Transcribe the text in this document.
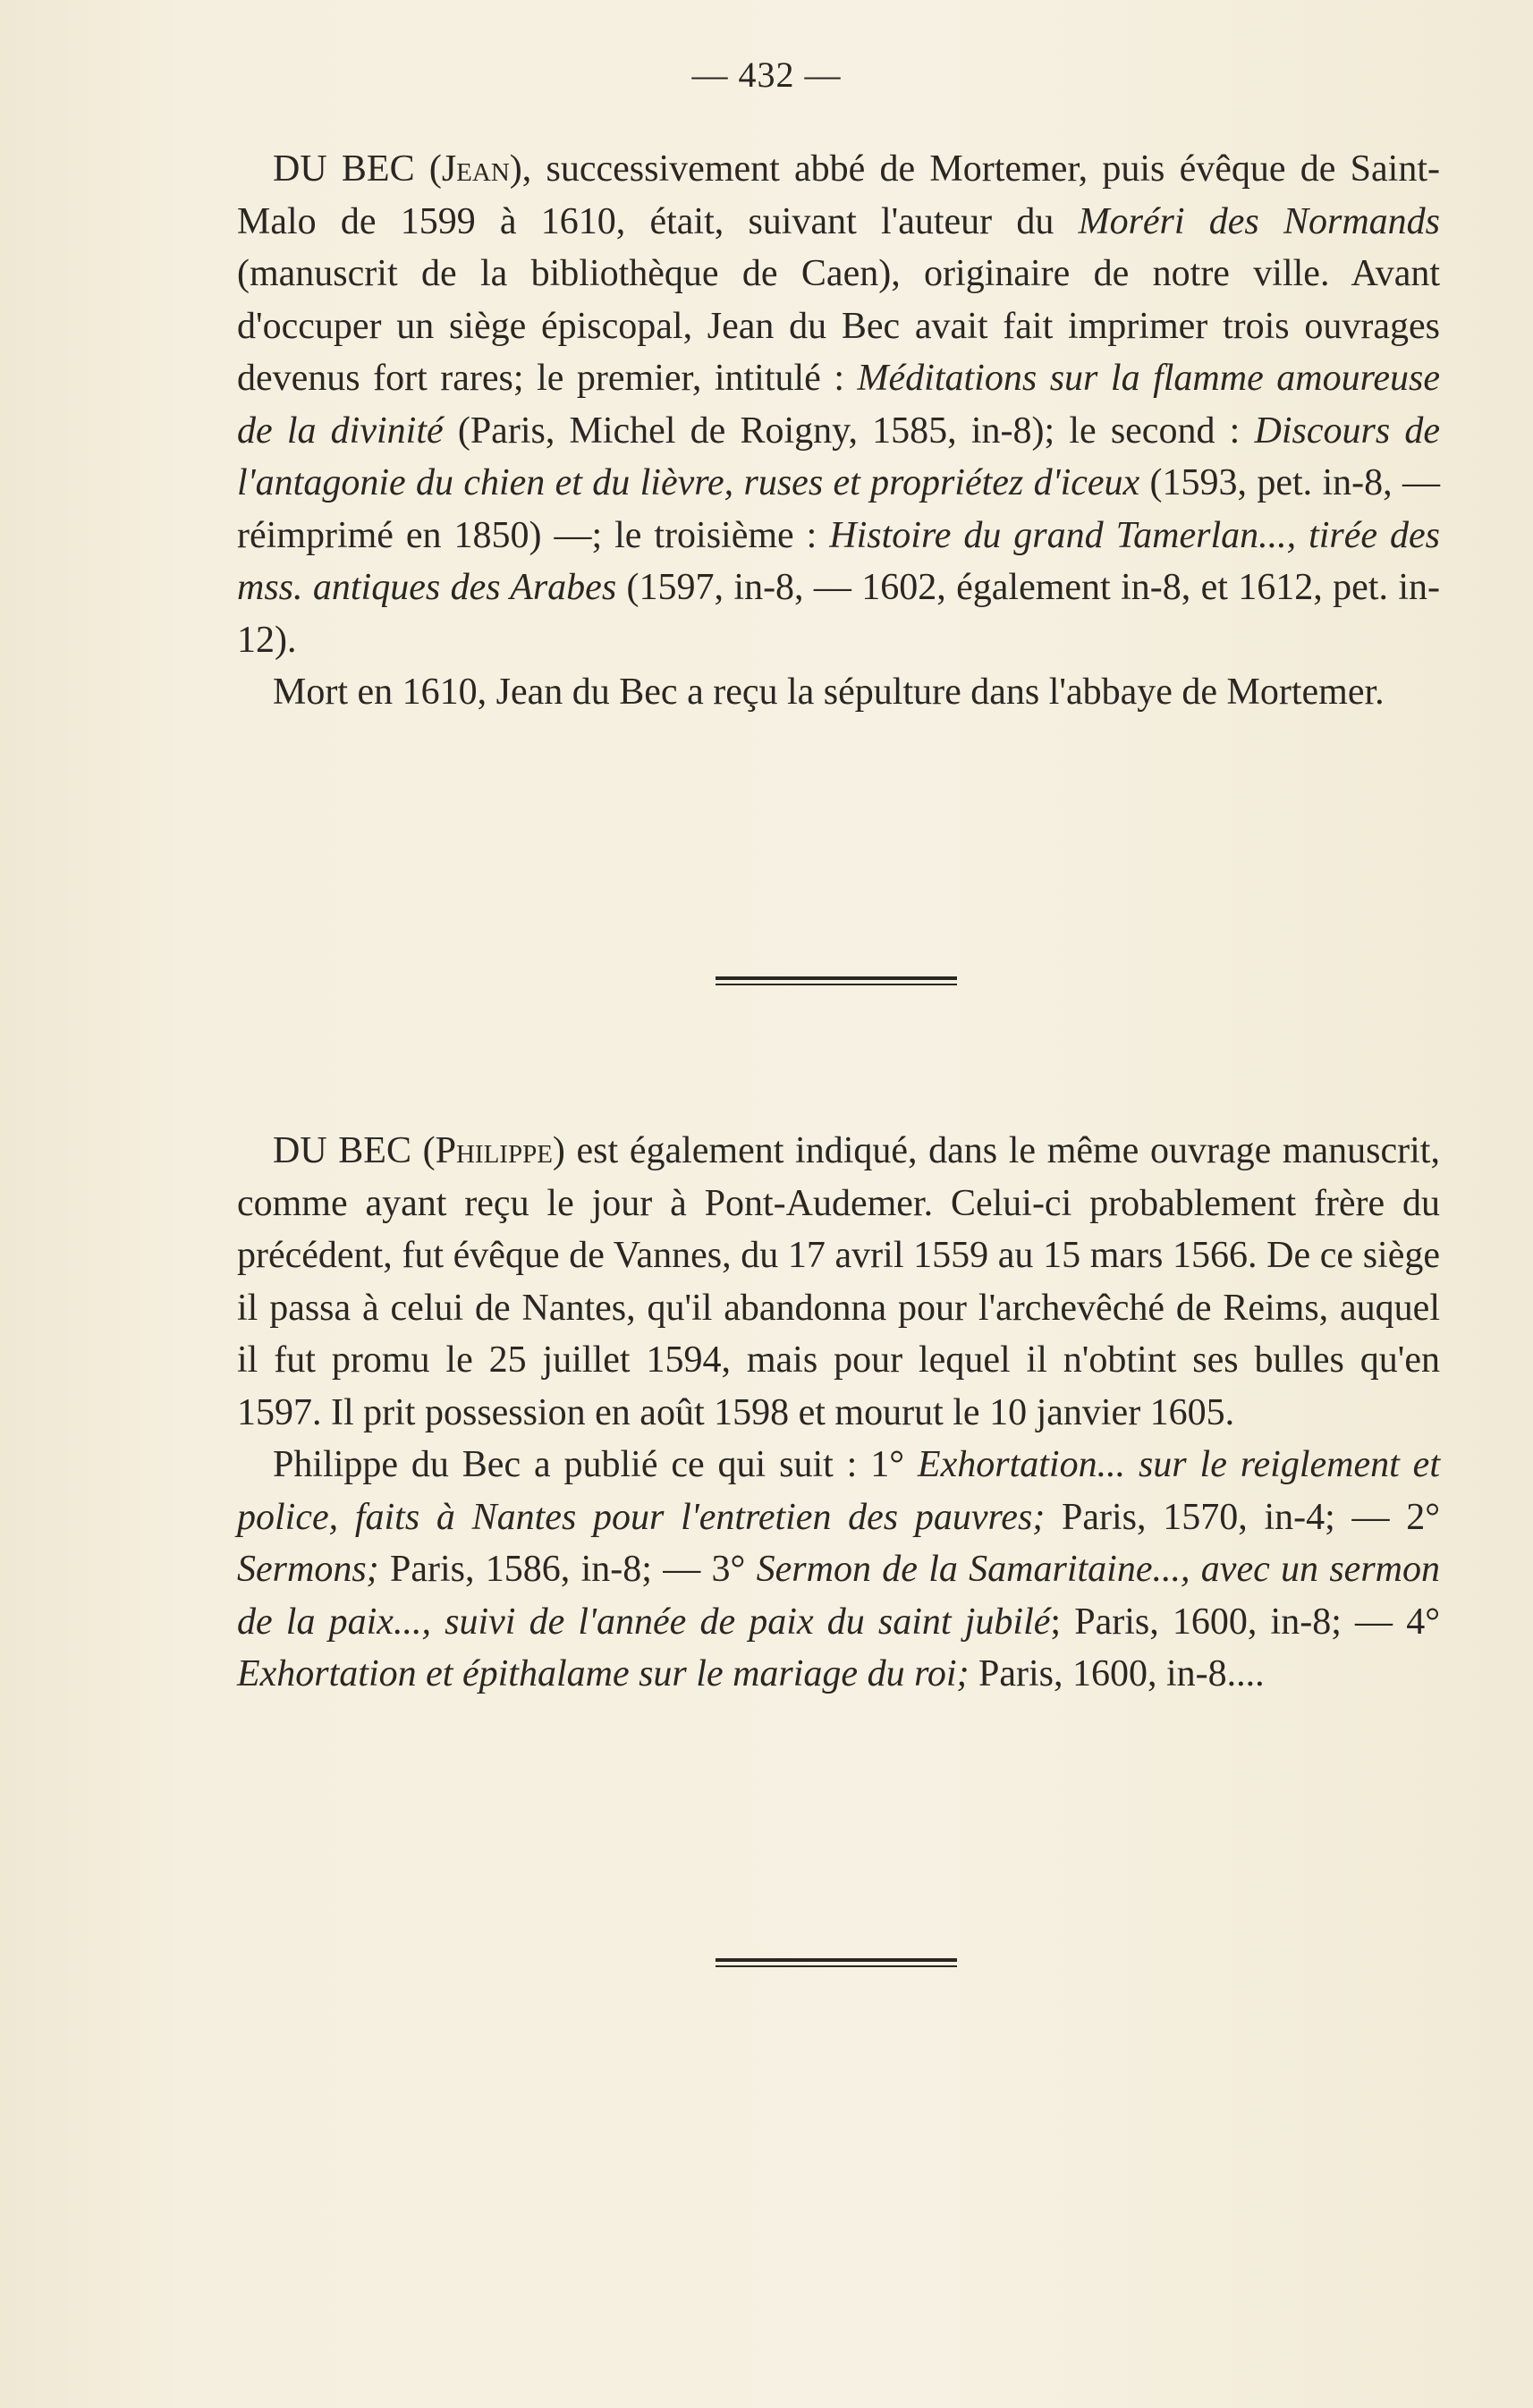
— 432 —

DU BEC (Jean), successivement abbé de Mortemer, puis évêque de Saint-Malo de 1599 à 1610, était, suivant l'auteur du Moréri des Normands (manuscrit de la bibliothèque de Caen), originaire de notre ville. Avant d'occuper un siège épiscopal, Jean du Bec avait fait imprimer trois ouvrages devenus fort rares; le premier, intitulé : Méditations sur la flamme amoureuse de la divinité (Paris, Michel de Roigny, 1585, in-8); le second : Discours de l'antagonie du chien et du lièvre, ruses et propriétez d'iceux (1593, pet. in-8, — réimprimé en 1850) —; le troisième : Histoire du grand Tamerlan..., tirée des mss. antiques des Arabes (1597, in-8, — 1602, également in-8, et 1612, pet. in-12).

Mort en 1610, Jean du Bec a reçu la sépulture dans l'abbaye de Mortemer.

DU BEC (Philippe) est également indiqué, dans le même ouvrage manuscrit, comme ayant reçu le jour à Pont-Audemer. Celui-ci probablement frère du précédent, fut évêque de Vannes, du 17 avril 1559 au 15 mars 1566. De ce siège il passa à celui de Nantes, qu'il abandonna pour l'archevêché de Reims, auquel il fut promu le 25 juillet 1594, mais pour lequel il n'obtint ses bulles qu'en 1597. Il prit possession en août 1598 et mourut le 10 janvier 1605.

Philippe du Bec a publié ce qui suit : 1° Exhortation... sur le reiglement et police, faits à Nantes pour l'entretien des pauvres; Paris, 1570, in-4; — 2° Sermons; Paris, 1586, in-8; — 3° Sermon de la Samaritaine..., avec un sermon de la paix..., suivi de l'année de paix du saint jubilé; Paris, 1600, in-8; — 4° Exhortation et épithalame sur le mariage du roi; Paris, 1600, in-8....
